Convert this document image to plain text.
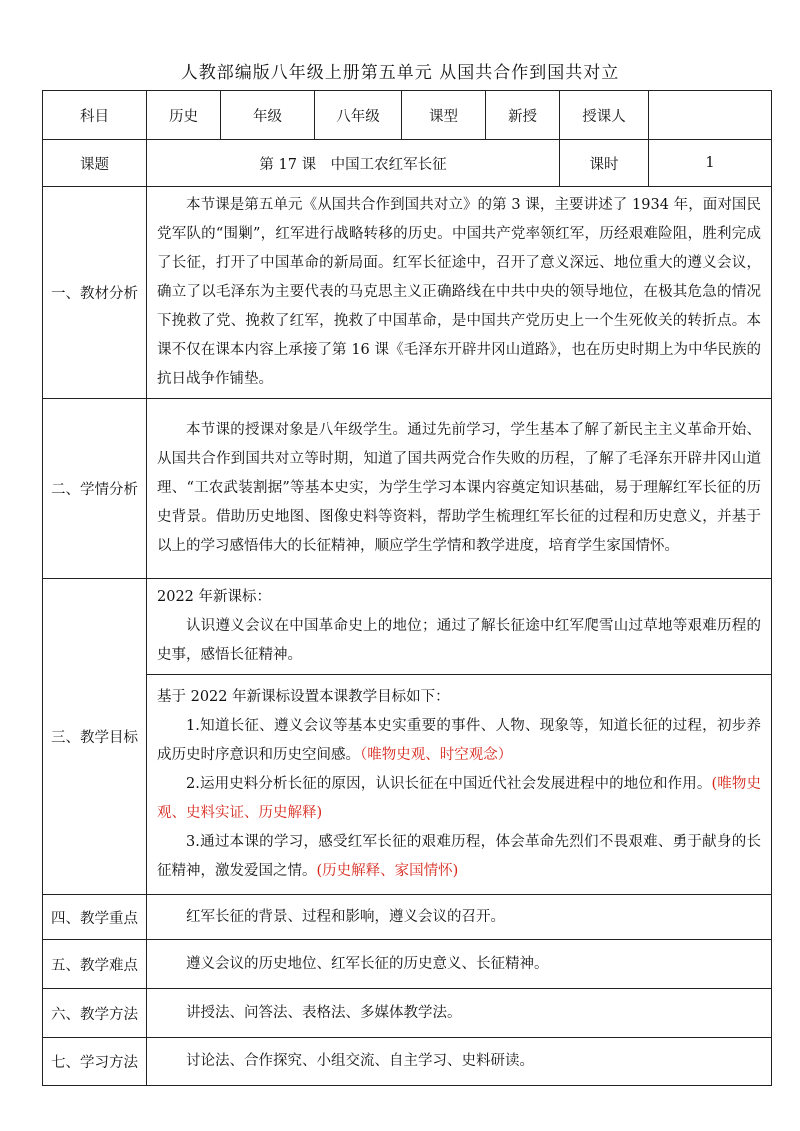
人教部编版八年级上册第五单元 从国共合作到国共对立
科目	历史	年级	八年级	课型	新授	授课人	
课题	第 17 课　中国工农红军长征					课时	1
一、教材分析	本节课是第五单元《从国共合作到国共对立》的第 3 课，主要讲述了 1934 年，面对国民党军队的“围剿”，红军进行战略转移的历史。中国共产党率领红军，历经艰难险阻，胜利完成了长征，打开了中国革命的新局面。红军长征途中，召开了意义深远、地位重大的遵义会议，确立了以毛泽东为主要代表的马克思主义正确路线在中共中央的领导地位，在极其危急的情况下挽救了党、挽救了红军，挽救了中国革命，是中国共产党历史上一个生死攸关的转折点。本课不仅在课本内容上承接了第 16 课《毛泽东开辟井冈山道路》，也在历史时期上为中华民族的抗日战争作铺垫。						

二、学情分析	本节课的授课对象是八年级学生。通过先前学习，学生基本了解了新民主主义革命开始、从国共合作到国共对立等时期，知道了国共两党合作失败的历程，了解了毛泽东开辟井冈山道理、“工农武装割据”等基本史实，为学生学习本课内容奠定知识基础，易于理解红军长征的历史背景。借助历史地图、图像史料等资料，帮助学生梳理红军长征的过程和历史意义，并基于以上的学习感悟伟大的长征精神，顺应学生学情和教学进度，培育学生家国情怀。						

三、教学目标	2022 年新课标：
认识遵义会议在中国革命史上的地位；通过了解长征途中红军爬雪山过草地等艰难历程的史事，感悟长征精神。						

	基于 2022 年新课标设置本课教学目标如下：
1.知道长征、遵义会议等基本史实重要的事件、人物、现象等，知道长征的过程，初步养成历史时序意识和历史空间感。（唯物史观、时空观念）
2.运用史料分析长征的原因，认识长征在中国近代社会发展进程中的地位和作用。(唯物史观、史料实证、历史解释)
3.通过本课的学习，感受红军长征的艰难历程，体会革命先烈们不畏艰难、勇于献身的长征精神，激发爱国之情。(历史解释、家国情怀)						

四、教学重点	红军长征的背景、过程和影响，遵义会议的召开。						

五、教学难点	遵义会议的历史地位、红军长征的历史意义、长征精神。						

六、教学方法	讲授法、问答法、表格法、多媒体教学法。						

七、学习方法	讨论法、合作探究、小组交流、自主学习、史料研读。						
